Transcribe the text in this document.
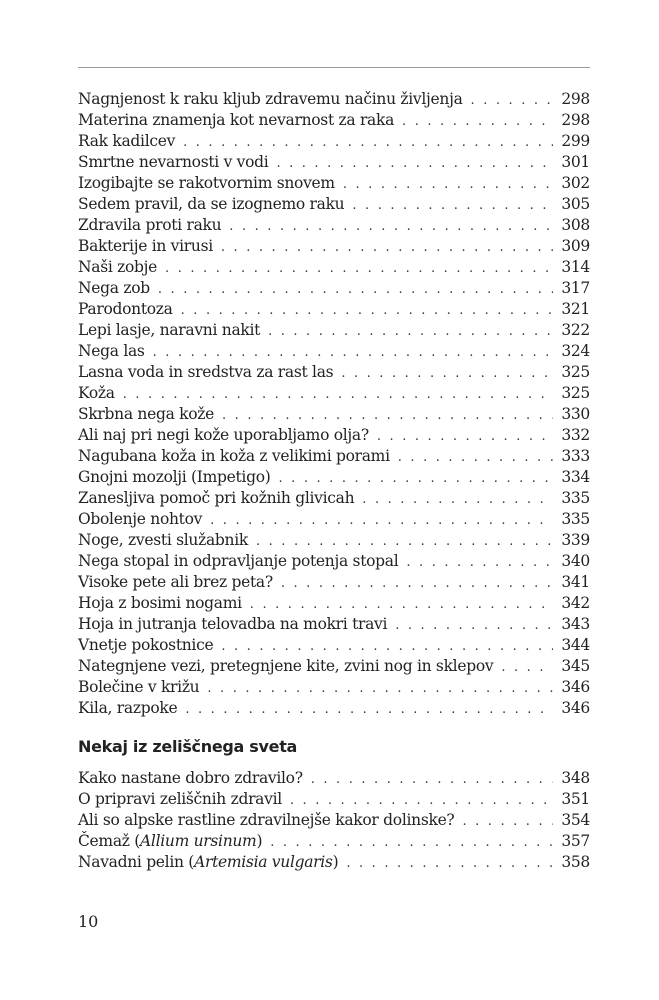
Nagnjenost k raku kljub zdravemu načinu življenja . . .	298
Materina znamenja kot nevarnost za raka . . .	298
Rak kadilcev . . .	299
Smrtne nevarnosti v vodi . . .	301
Izogibajte se rakotvornim snovem . . .	302
Sedem pravil, da se izognemo raku . . .	305
Zdravila proti raku . . .	308
Bakterije in virusi . . .	309
Naši zobje . . .	314
Nega zob . . .	317
Parodontoza . . .	321
Lepi lasje, naravni nakit . . .	322
Nega las . . .	324
Lasna voda in sredstva za rast las . . .	325
Koža . . .	325
Skrbna nega kože . . .	330
Ali naj pri negi kože uporabljamo olja? . . .	332
Nagubana koža in koža z velikimi porami . . .	333
Gnojni mozolji (Impetigo) . . .	334
Zanesljiva pomoč pri kožnih glivicah . . .	335
Obolenje nohtov . . .	335
Noge, zvesti služabnik . . .	339
Nega stopal in odpravljanje potenja stopal . . .	340
Visoke pete ali brez peta? . . .	341
Hoja z bosimi nogami . . .	342
Hoja in jutranja telovadba na mokri travi . . .	343
Vnetje pokostnice . . .	344
Nategnjene vezi, pretegnjene kite, zvini nog in sklepov . . .	345
Bolečine v križu . . .	346
Kila, razpoke . . .	346
Nekaj iz zeliščnega sveta
Kako nastane dobro zdravilo? . . .	348
O pripravi zeliščnih zdravil . . .	351
Ali so alpske rastline zdravilnejše kakor dolinske? . . .	354
Čemaž (Allium ursinum) . . .	357
Navadni pelin (Artemisia vulgaris) . . .	358
10
